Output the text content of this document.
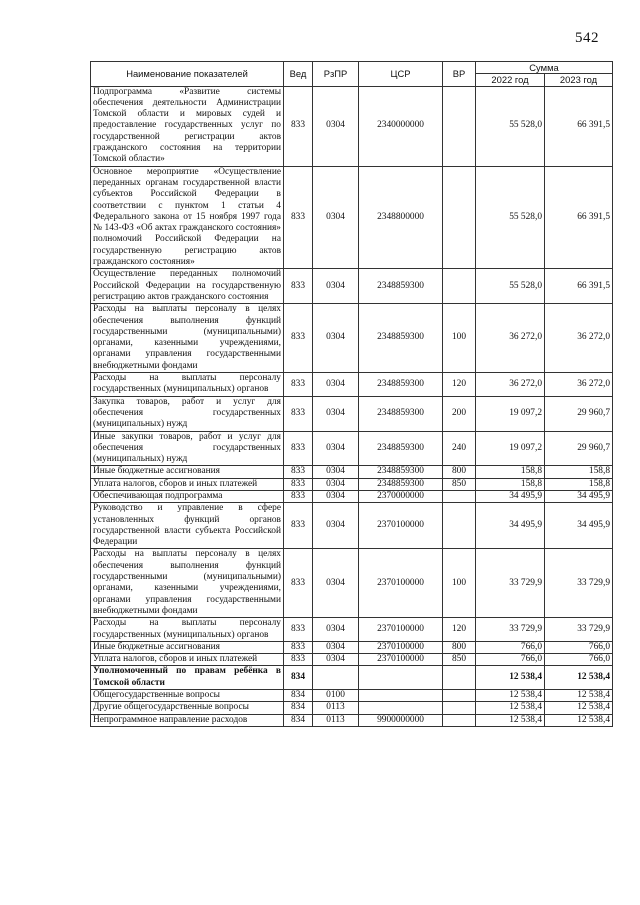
542
Наименование показателей	Вед	РзПР	ЦСР	ВР	Сумма	
					2022 год	2023 год
Подпрограмма «Развитие системы обеспечения деятельности Администрации Томской области и мировых судей и предоставление государственных услуг по государственной регистрации актов гражданского состояния на территории Томской области»	833	0304	2340000000		55 528,0	66 391,5
Основное мероприятие «Осуществление переданных органам государственной власти субъектов Российской Федерации в соответствии с пунктом 1 статьи 4 Федерального закона от 15 ноября 1997 года № 143-ФЗ «Об актах гражданского состояния» полномочий Российской Федерации на государственную регистрацию актов гражданского состояния»	833	0304	2348800000		55 528,0	66 391,5
Осуществление переданных полномочий Российской Федерации на государственную регистрацию актов гражданского состояния	833	0304	2348859300		55 528,0	66 391,5
Расходы на выплаты персоналу в целях обеспечения выполнения функций государственными (муниципальными) органами, казенными учреждениями, органами управления государственными внебюджетными фондами	833	0304	2348859300	100	36 272,0	36 272,0
Расходы на выплаты персоналу государственных (муниципальных) органов	833	0304	2348859300	120	36 272,0	36 272,0
Закупка товаров, работ и услуг для обеспечения государственных (муниципальных) нужд	833	0304	2348859300	200	19 097,2	29 960,7
Иные закупки товаров, работ и услуг для обеспечения государственных (муниципальных) нужд	833	0304	2348859300	240	19 097,2	29 960,7
Иные бюджетные ассигнования	833	0304	2348859300	800	158,8	158,8
Уплата налогов, сборов и иных платежей	833	0304	2348859300	850	158,8	158,8
Обеспечивающая подпрограмма	833	0304	2370000000		34 495,9	34 495,9
Руководство и управление в сфере установленных функций органов государственной власти субъекта Российской Федерации	833	0304	2370100000		34 495,9	34 495,9
Расходы на выплаты персоналу в целях обеспечения выполнения функций государственными (муниципальными) органами, казенными учреждениями, органами управления государственными внебюджетными фондами	833	0304	2370100000	100	33 729,9	33 729,9
Расходы на выплаты персоналу государственных (муниципальных) органов	833	0304	2370100000	120	33 729,9	33 729,9
Иные бюджетные ассигнования	833	0304	2370100000	800	766,0	766,0
Уплата налогов, сборов и иных платежей	833	0304	2370100000	850	766,0	766,0
Уполномоченный по правам ребёнка в Томской области	834				12 538,4	12 538,4
Общегосударственные вопросы	834	0100			12 538,4	12 538,4
Другие общегосударственные вопросы	834	0113			12 538,4	12 538,4
Непрограммное направление расходов	834	0113	9900000000		12 538,4	12 538,4
